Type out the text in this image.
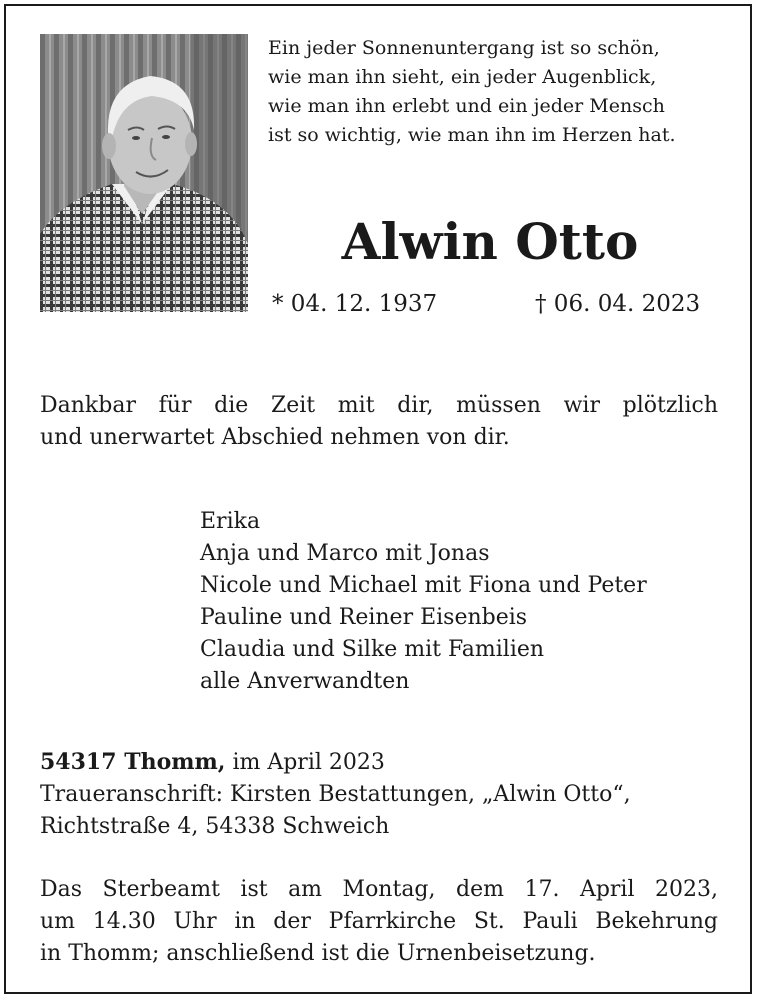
Ein jeder Sonnenuntergang ist so schön,
wie man ihn sieht, ein jeder Augenblick,
wie man ihn erlebt und ein jeder Mensch
ist so wichtig, wie man ihn im Herzen hat.
Alwin Otto
* 04. 12. 1937	† 06. 04. 2023
Dankbar für die Zeit mit dir, müssen wir plötzlich
und unerwartet Abschied nehmen von dir.
Erika
Anja und Marco mit Jonas
Nicole und Michael mit Fiona und Peter
Pauline und Reiner Eisenbeis
Claudia und Silke mit Familien
alle Anverwandten
54317 Thomm, im April 2023
Traueranschrift: Kirsten Bestattungen, „Alwin Otto“,
Richtstraße 4, 54338 Schweich
Das Sterbeamt ist am Montag, dem 17. April 2023,
um 14.30 Uhr in der Pfarrkirche St. Pauli Bekehrung
in Thomm; anschließend ist die Urnenbeisetzung.
